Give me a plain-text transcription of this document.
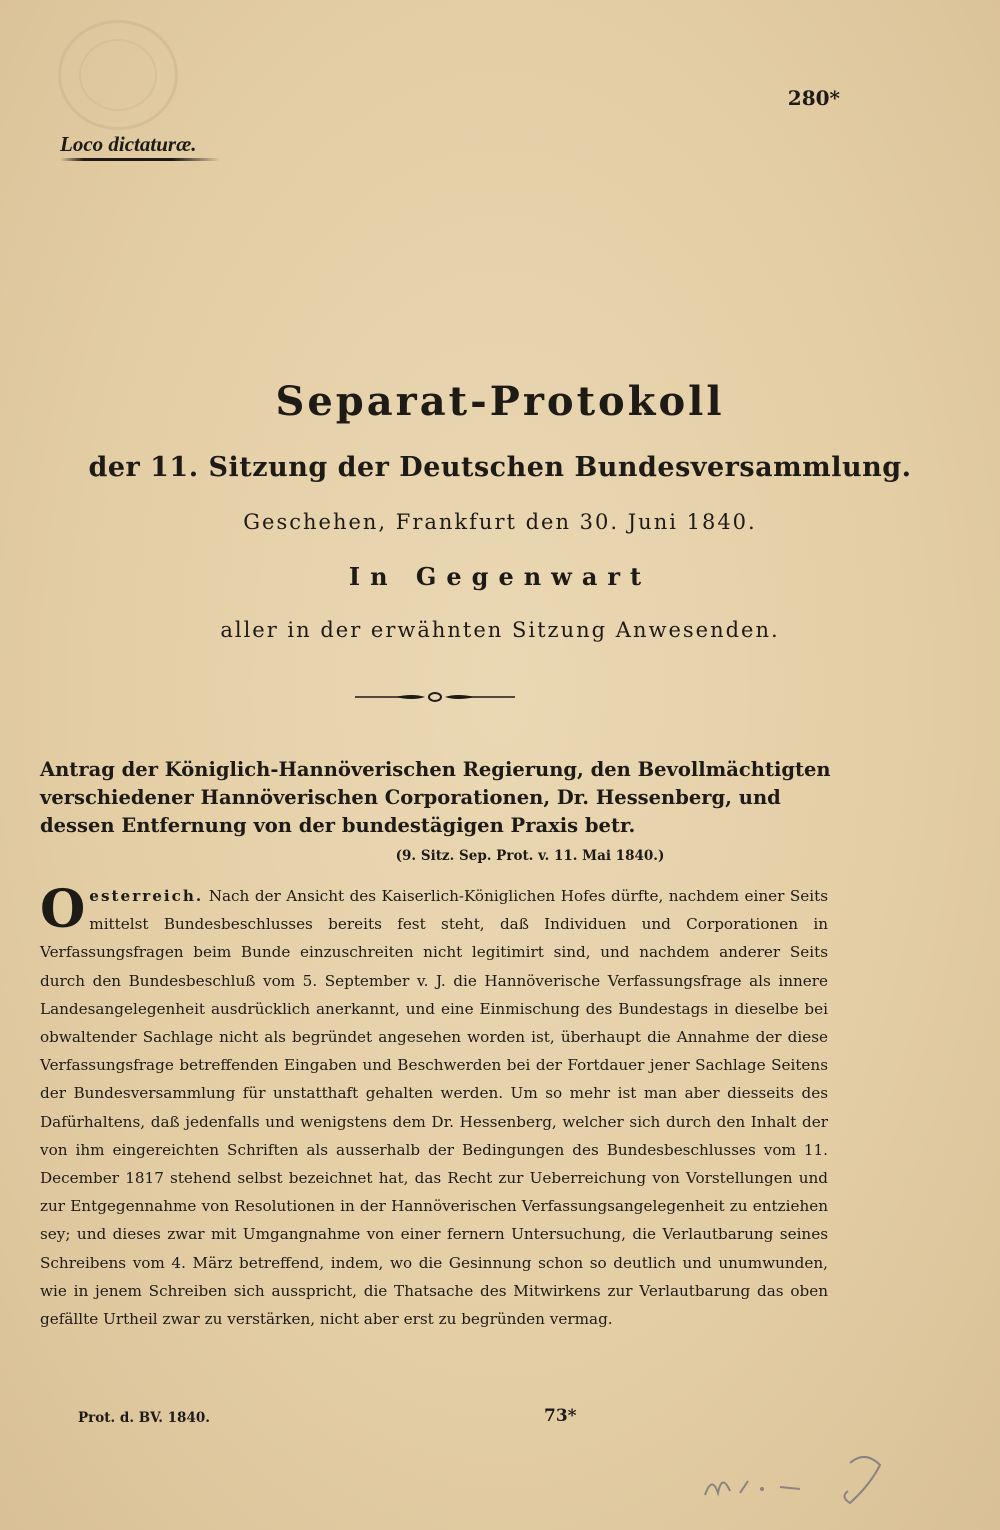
280*
Loco dictaturæ.
Separat-Protokoll
der 11. Sitzung der Deutschen Bundesversammlung.
Geschehen, Frankfurt den 30. Juni 1840.
In Gegenwart
aller in der erwähnten Sitzung Anwesenden.
Antrag der Königlich-Hannöverischen Regierung, den Bevollmächtigten verschiedener Hannöverischen Corporationen, Dr. Hessenberg, und dessen Entfernung von der bundestägigen Praxis betr.
(9. Sitz. Sep. Prot. v. 11. Mai 1840.)
O esterreich. Nach der Ansicht des Kaiserlich-Königlichen Hofes dürfte, nachdem einer Seits mittelst Bundesbeschlusses bereits fest steht, daß Individuen und Corporationen in Verfassungsfragen beim Bunde einzuschreiten nicht legitimirt sind, und nachdem anderer Seits durch den Bundesbeschluß vom 5. September v. J. die Hannöverische Verfassungsfrage als innere Landesangelegenheit ausdrücklich anerkannt, und eine Einmischung des Bundestags in dieselbe bei obwaltender Sachlage nicht als begründet angesehen worden ist, überhaupt die Annahme der diese Verfassungsfrage betreffenden Eingaben und Beschwerden bei der Fortdauer jener Sachlage Seitens der Bundesversammlung für unstatthaft gehalten werden. Um so mehr ist man aber diesseits des Dafürhaltens, daß jedenfalls und wenigstens dem Dr. Hessenberg, welcher sich durch den Inhalt der von ihm eingereichten Schriften als ausserhalb der Bedingungen des Bundesbeschlusses vom 11. December 1817 stehend selbst bezeichnet hat, das Recht zur Ueberreichung von Vorstellungen und zur Entgegennahme von Resolutionen in der Hannöverischen Verfassungsangelegenheit zu entziehen sey; und dieses zwar mit Umgangnahme von einer fernern Untersuchung, die Verlautbarung seines Schreibens vom 4. März betreffend, indem, wo die Gesinnung schon so deutlich und unumwunden, wie in jenem Schreiben sich ausspricht, die Thatsache des Mitwirkens zur Verlautbarung das oben gefällte Urtheil zwar zu verstärken, nicht aber erst zu begründen vermag.
Prot. d. BV. 1840.	73*
